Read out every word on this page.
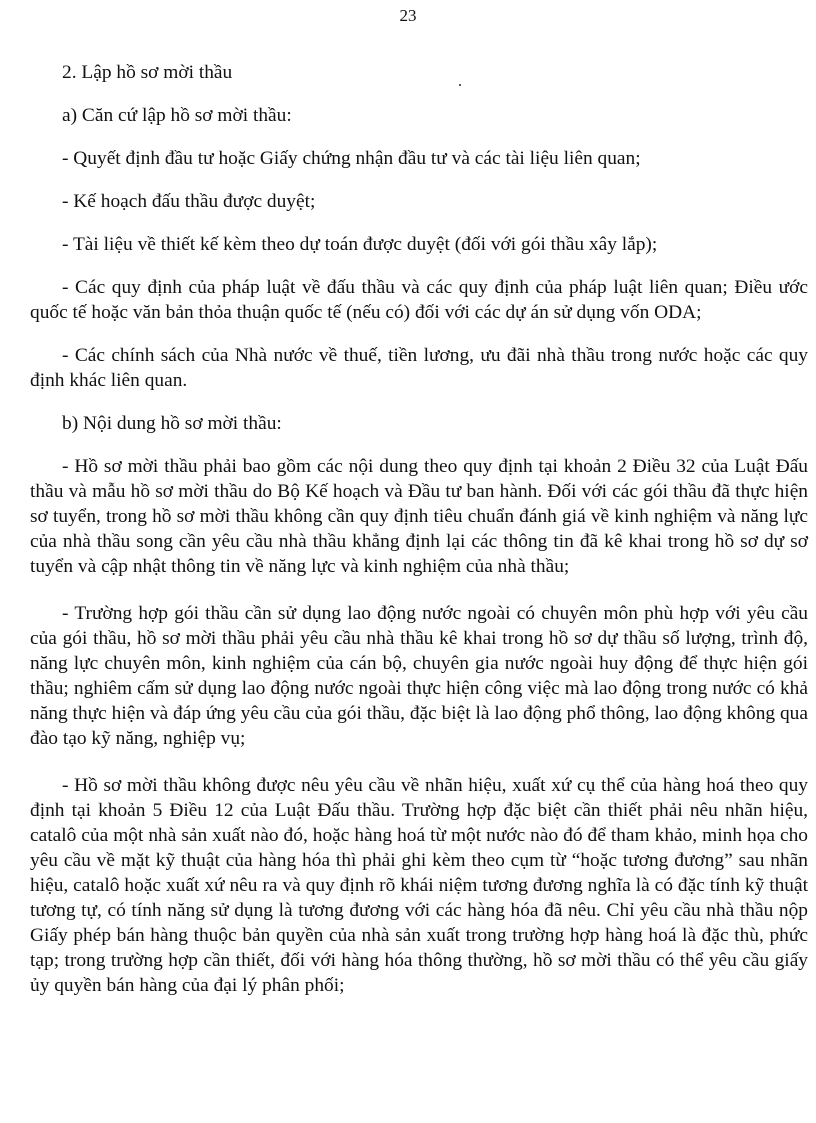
23

2. Lập hồ sơ mời thầu

a) Căn cứ lập hồ sơ mời thầu:

- Quyết định đầu tư hoặc Giấy chứng nhận đầu tư và các tài liệu liên quan;

- Kế hoạch đấu thầu được duyệt;

- Tài liệu về thiết kế kèm theo dự toán được duyệt (đối với gói thầu xây lắp);

- Các quy định của pháp luật về đấu thầu và các quy định của pháp luật liên quan; Điều ước quốc tế hoặc văn bản thỏa thuận quốc tế (nếu có) đối với các dự án sử dụng vốn ODA;

- Các chính sách của Nhà nước về thuế, tiền lương, ưu đãi nhà thầu trong nước hoặc các quy định khác liên quan.

b) Nội dung hồ sơ mời thầu:

- Hồ sơ mời thầu phải bao gồm các nội dung theo quy định tại khoản 2 Điều 32 của Luật Đấu thầu và mẫu hồ sơ mời thầu do Bộ Kế hoạch và Đầu tư ban hành. Đối với các gói thầu đã thực hiện sơ tuyển, trong hồ sơ mời thầu không cần quy định tiêu chuẩn đánh giá về kinh nghiệm và năng lực của nhà thầu song cần yêu cầu nhà thầu khẳng định lại các thông tin đã kê khai trong hồ sơ dự sơ tuyển và cập nhật thông tin về năng lực và kinh nghiệm của nhà thầu;

- Trường hợp gói thầu cần sử dụng lao động nước ngoài có chuyên môn phù hợp với yêu cầu của gói thầu, hồ sơ mời thầu phải yêu cầu nhà thầu kê khai trong hồ sơ dự thầu số lượng, trình độ, năng lực chuyên môn, kinh nghiệm của cán bộ, chuyên gia nước ngoài huy động để thực hiện gói thầu; nghiêm cấm sử dụng lao động nước ngoài thực hiện công việc mà lao động trong nước có khả năng thực hiện và đáp ứng yêu cầu của gói thầu, đặc biệt là lao động phổ thông, lao động không qua đào tạo kỹ năng, nghiệp vụ;

- Hồ sơ mời thầu không được nêu yêu cầu về nhãn hiệu, xuất xứ cụ thể của hàng hoá theo quy định tại khoản 5 Điều 12 của Luật Đấu thầu. Trường hợp đặc biệt cần thiết phải nêu nhãn hiệu, catalô của một nhà sản xuất nào đó, hoặc hàng hoá từ một nước nào đó để tham khảo, minh họa cho yêu cầu về mặt kỹ thuật của hàng hóa thì phải ghi kèm theo cụm từ “hoặc tương đương” sau nhãn hiệu, catalô hoặc xuất xứ nêu ra và quy định rõ khái niệm tương đương nghĩa là có đặc tính kỹ thuật tương tự, có tính năng sử dụng là tương đương với các hàng hóa đã nêu. Chỉ yêu cầu nhà thầu nộp Giấy phép bán hàng thuộc bản quyền của nhà sản xuất trong trường hợp hàng hoá là đặc thù, phức tạp; trong trường hợp cần thiết, đối với hàng hóa thông thường, hồ sơ mời thầu có thể yêu cầu giấy ủy quyền bán hàng của đại lý phân phối;
